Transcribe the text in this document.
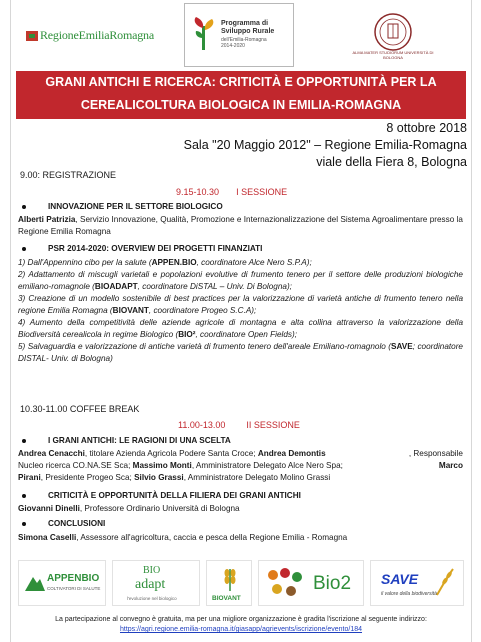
RegioneEmiliaRomagna
Programma di
Sviluppo Rurale
dell'Emilia-Romagna
2014-2020
ALMA MATER STUDIORUM UNIVERSITÀ DI BOLOGNA
GRANI ANTICHI E RICERCA: CRITICITÀ E OPPORTUNITÀ PER LA
CEREALICOLTURA BIOLOGICA IN EMILIA-ROMAGNA
8 ottobre 2018
Sala "20 Maggio 2012" – Regione Emilia-Romagna
viale della Fiera 8, Bologna
9.00: REGISTRAZIONE
9.15-10.30 I SESSIONE
INNOVAZIONE PER IL SETTORE BIOLOGICO
Alberti Patrizia, Servizio Innovazione, Qualità, Promozione e Internazionalizzazione del Sistema Agroalimentare presso la Regione Emilia Romagna
PSR 2014-2020: OVERVIEW DEI PROGETTI FINANZIATI
1) Dall'Appennino cibo per la salute (APPEN.BIO, coordinatore Alce Nero S.P.A);
2) Adattamento di miscugli varietali e popolazioni evolutive di frumento tenero per il settore delle produzioni biologiche emiliano-romagnole (BIOADAPT, coordinatore DiSTAL – Univ. Di Bologna);
3) Creazione di un modello sostenibile di best practices per la valorizzazione di varietà antiche di frumento tenero nella regione Emilia Romagna (BIOVANT, coordinatore Progeo S.C.A);
4) Aumento della competitività delle aziende agricole di montagna e alta collina attraverso la valorizzazione della Biodiversità cerealicola in regime Biologico (BIO², coordinatore Open Fields);
5) Salvaguardia e valorizzazione di antiche varietà di frumento tenero dell'areale Emiliano-romagnolo (SAVE; coordinatore DISTAL- Univ. di Bologna)
10.30-11.00 COFFEE BREAK
11.00-13.00 II SESSIONE
I GRANI ANTICHI: LE RAGIONI DI UNA SCELTA
Andrea Cenacchi, titolare Azienda Agricola Podere Santa Croce; Andrea Demontis	, Responsabile
Nucleo ricerca CO.NA.SE Sca; Massimo Monti, Amministratore Delegato Alce Nero Spa;	Marco
Pirani, Presidente Progeo Sca; Silvio Grassi, Amministratore Delegato Molino Grassi
CRITICITÀ E OPPORTUNITÀ DELLA FILIERA DEI GRANI ANTICHI
Giovanni Dinelli, Professore Ordinario Università di Bologna
CONCLUSIONI
Simona Caselli, Assessore all'agricoltura, caccia e pesca della Regione Emilia - Romagna
APPENBIO
COLTIVATORI DI SALUTE
BIO
adapt
l'evoluzione nel biologico	BIOVANT
Bio2 SAVE
il valore della biodiversità
La partecipazione al convegno è gratuita, ma per una migliore organizzazione è gradita l'iscrizione al seguente indirizzo:
https://agri.regione.emilia-romagna.it/giasapp/agrievents/iscrizione/evento/184
